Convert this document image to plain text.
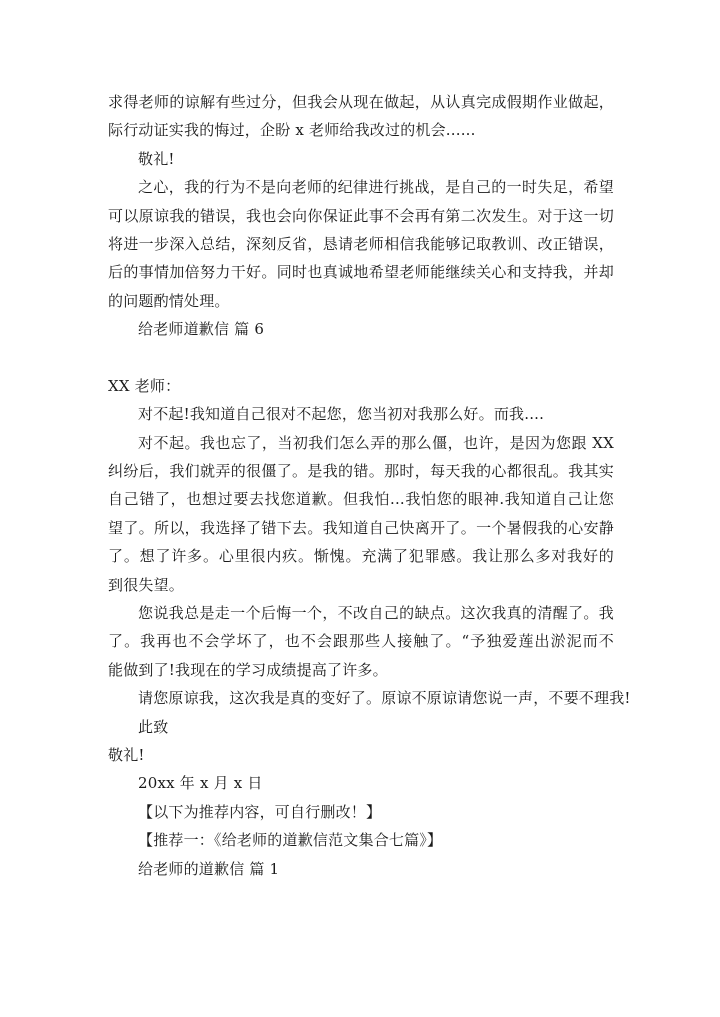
求得老师的谅解有些过分，但我会从现在做起，从认真完成假期作业做起，
际行动证实我的悔过，企盼 x 老师给我改过的机会......
敬礼!
之心，我的行为不是向老师的纪律进行挑战，是自己的一时失足，希望
可以原谅我的错误，我也会向你保证此事不会再有第二次发生。对于这一切
将进一步深入总结，深刻反省，恳请老师相信我能够记取教训、改正错误，
后的事情加倍努力干好。同时也真诚地希望老师能继续关心和支持我，并却
的问题酌情处理。
给老师道歉信 篇 6
XX 老师：
对不起!我知道自己很对不起您，您当初对我那么好。而我....
对不起。我也忘了，当初我们怎么弄的那么僵，也许，是因为您跟 XX
纠纷后，我们就弄的很僵了。是我的错。那时，每天我的心都很乱。我其实
自己错了，也想过要去找您道歉。但我怕...我怕您的眼神.我知道自己让您
望了。所以，我选择了错下去。我知道自己快离开了。一个暑假我的心安静
了。想了许多。心里很内疚。惭愧。充满了犯罪感。我让那么多对我好的
到很失望。
您说我总是走一个后悔一个，不改自己的缺点。这次我真的清醒了。我
了。我再也不会学坏了，也不会跟那些人接触了。“予独爱莲出淤泥而不
能做到了!我现在的学习成绩提高了许多。
请您原谅我，这次我是真的变好了。原谅不原谅请您说一声，不要不理我!
此致
敬礼!
20xx 年 x 月 x 日
【以下为推荐内容，可自行删改！】
【推荐一：《给老师的道歉信范文集合七篇》】
给老师的道歉信 篇 1
